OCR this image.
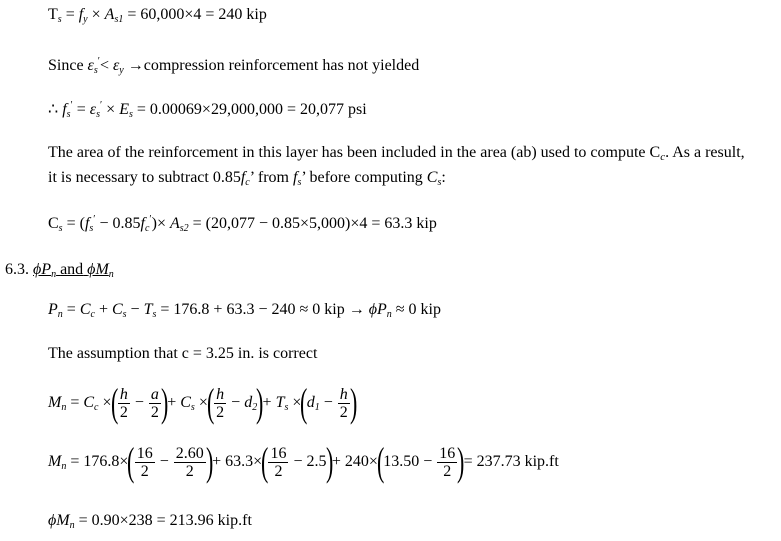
$T_s = f_y \times A_{s1} = 60,000\times 4 = 240$ kip
Since $\varepsilon_s'< \varepsilon_y$ →compression reinforcement has not yielded
∴ $f_s' = \varepsilon_s' \times E_s = 0.00069\times 29,000,000 = 20,077$ psi
The area of the reinforcement in this layer has been included in the area (ab) used to compute $C_c$. As a result,
it is necessary to subtract $0.85f_c$’ from $f_s$’ before computing $C_s$:
$C_s = (f_s' - 0.85f_c')\times A_{s2} = (20,077 - 0.85\times 5,000)\times 4 = 63.3$ kip
6.3. $\phi P_n$ and $\phi M_n$
$P_n = C_c + C_s - T_s = 176.8 + 63.3 - 240 \approx 0$ kip → $\phi P_n \approx 0$ kip
The assumption that c = 3.25 in. is correct
$M_n = C_c$ ×( $\frac{h}{2} - \frac{a}{2}$ )+ $C_s$ ×( $\frac{h}{2} - d_2)+ T_s \times(d_1 - \frac{h}{2}$ )
$M_n = 176.8\times( \frac{16}{2} - \frac{2.60}{2}$ )+ $63.3\times( \frac{16}{2} - 2.5)+ 240\times(13.50 - \frac{16}{2}$ )= 237.73 kip.ft
$\phi M_n = 0.90\times 238 = 213.96$ kip.ft
